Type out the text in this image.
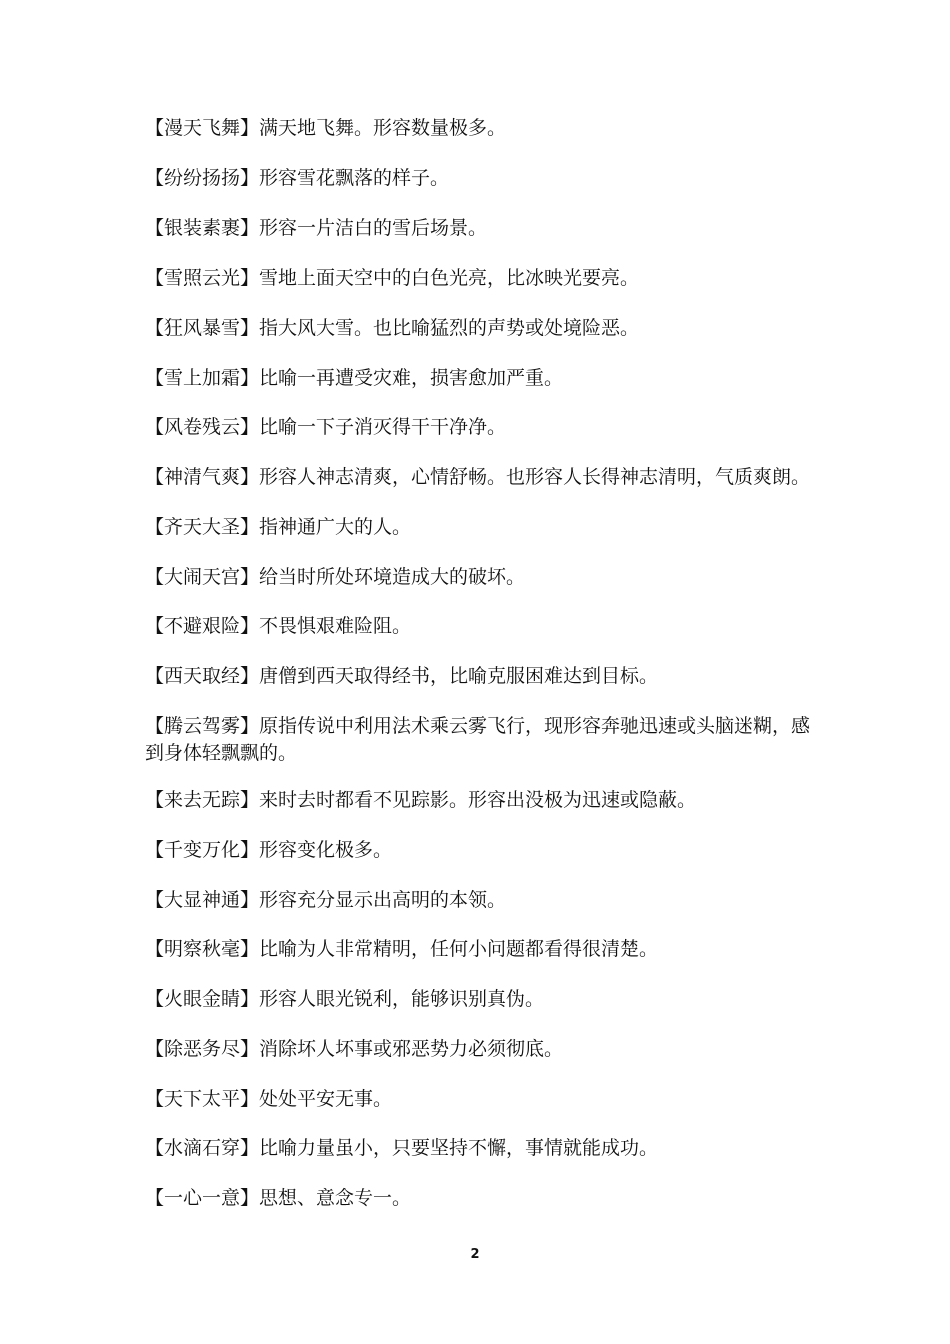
【漫天飞舞】满天地飞舞。形容数量极多。
【纷纷扬扬】形容雪花飘落的样子。
【银装素裹】形容一片洁白的雪后场景。
【雪照云光】雪地上面天空中的白色光亮，比冰映光要亮。
【狂风暴雪】指大风大雪。也比喻猛烈的声势或处境险恶。
【雪上加霜】比喻一再遭受灾难，损害愈加严重。
【风卷残云】比喻一下子消灭得干干净净。
【神清气爽】形容人神志清爽，心情舒畅。也形容人长得神志清明，气质爽朗。
【齐天大圣】指神通广大的人。
【大闹天宫】给当时所处环境造成大的破坏。
【不避艰险】不畏惧艰难险阻。
【西天取经】唐僧到西天取得经书，比喻克服困难达到目标。
【腾云驾雾】原指传说中利用法术乘云雾飞行，现形容奔驰迅速或头脑迷糊，感到身体轻飘飘的。
【来去无踪】来时去时都看不见踪影。形容出没极为迅速或隐蔽。
【千变万化】形容变化极多。
【大显神通】形容充分显示出高明的本领。
【明察秋毫】比喻为人非常精明，任何小问题都看得很清楚。
【火眼金睛】形容人眼光锐利，能够识别真伪。
【除恶务尽】消除坏人坏事或邪恶势力必须彻底。
【天下太平】处处平安无事。
【水滴石穿】比喻力量虽小，只要坚持不懈，事情就能成功。
【一心一意】思想、意念专一。
2
